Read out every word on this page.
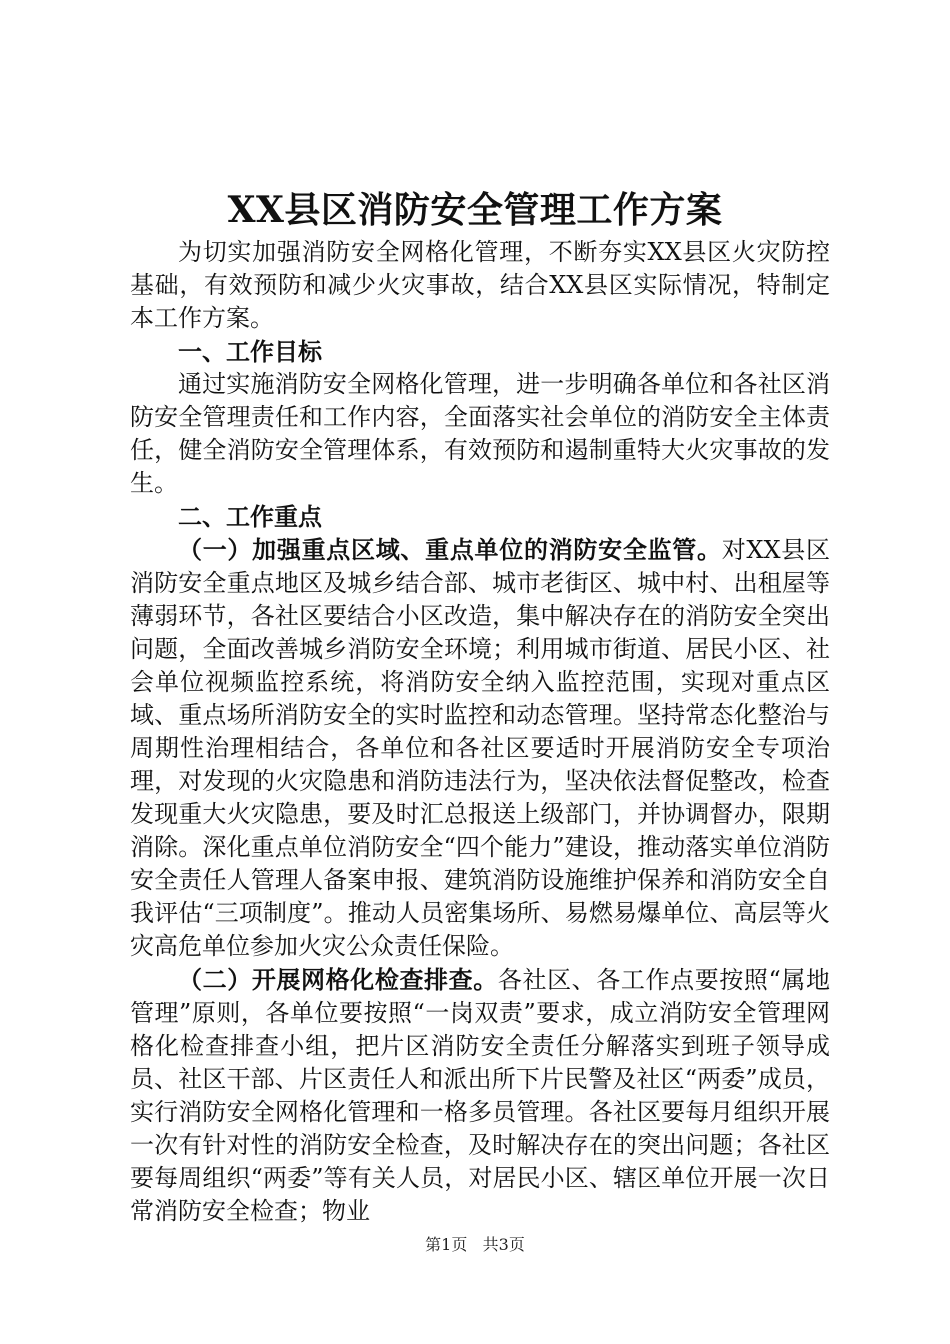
XX县区消防安全管理工作方案

为切实加强消防安全网格化管理，不断夯实XX县区火灾防控基础，有效预防和减少火灾事故，结合XX县区实际情况，特制定本工作方案。

一、工作目标

通过实施消防安全网格化管理，进一步明确各单位和各社区消防安全管理责任和工作内容，全面落实社会单位的消防安全主体责任，健全消防安全管理体系，有效预防和遏制重特大火灾事故的发生。

二、工作重点

（一）加强重点区域、重点单位的消防安全监管。对XX县区消防安全重点地区及城乡结合部、城市老街区、城中村、出租屋等薄弱环节，各社区要结合小区改造，集中解决存在的消防安全突出问题，全面改善城乡消防安全环境；利用城市街道、居民小区、社会单位视频监控系统，将消防安全纳入监控范围，实现对重点区域、重点场所消防安全的实时监控和动态管理。坚持常态化整治与周期性治理相结合，各单位和各社区要适时开展消防安全专项治理，对发现的火灾隐患和消防违法行为，坚决依法督促整改，检查发现重大火灾隐患，要及时汇总报送上级部门，并协调督办，限期消除。深化重点单位消防安全“四个能力”建设，推动落实单位消防安全责任人管理人备案申报、建筑消防设施维护保养和消防安全自我评估“三项制度”。推动人员密集场所、易燃易爆单位、高层等火灾高危单位参加火灾公众责任保险。

（二）开展网格化检查排查。各社区、各工作点要按照“属地管理”原则，各单位要按照“一岗双责”要求，成立消防安全管理网格化检查排查小组，把片区消防安全责任分解落实到班子领导成员、社区干部、片区责任人和派出所下片民警及社区“两委”成员，实行消防安全网格化管理和一格多员管理。各社区要每月组织开展一次有针对性的消防安全检查，及时解决存在的突出问题；各社区要每周组织“两委”等有关人员，对居民小区、辖区单位开展一次日常消防安全检查；物业

第1页 共3页
